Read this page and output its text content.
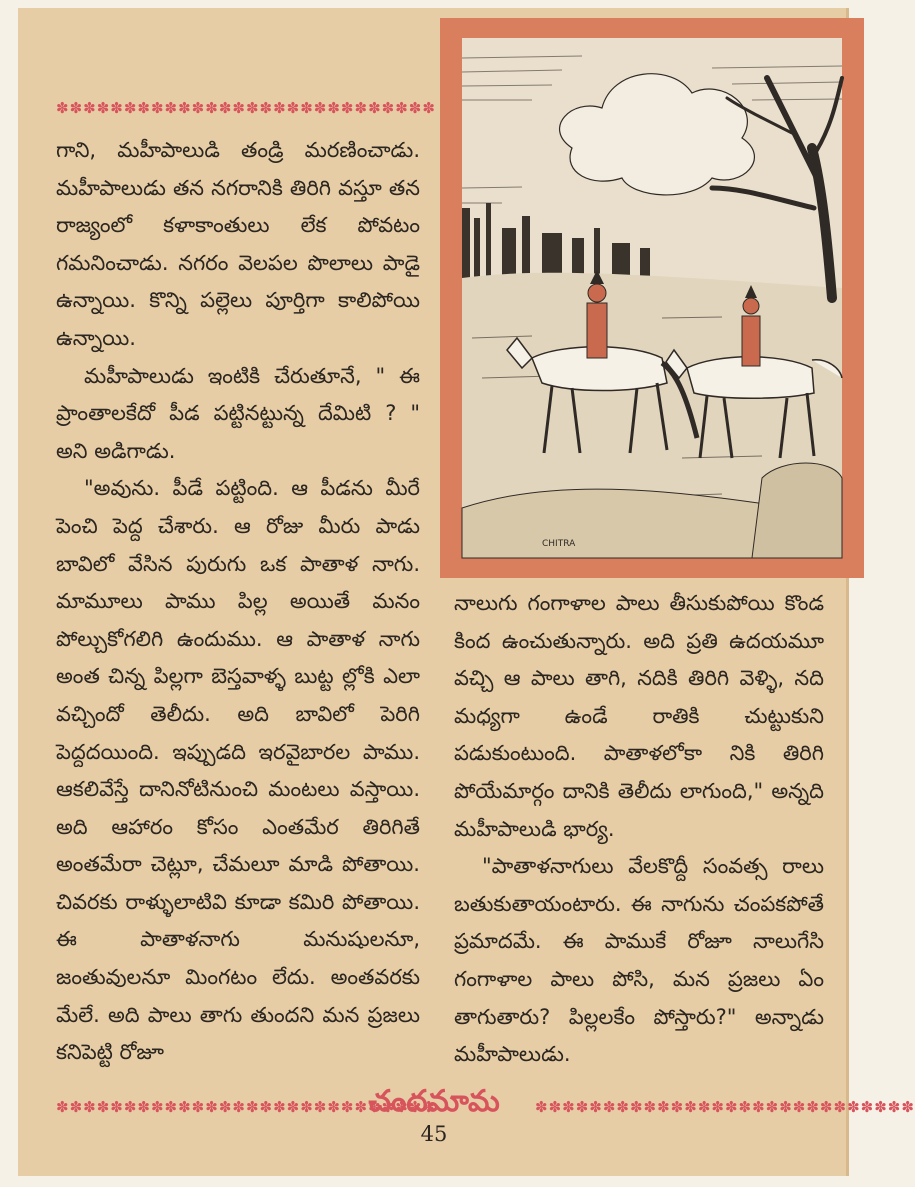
✽✽✽✽✽✽✽✽✽✽✽✽✽✽✽✽✽✽✽✽✽✽✽✽✽✽✽✽
CHITRA

గాని, మహీపాలుడి తండ్రి మరణించాడు. మహీపాలుడు తన నగరానికి తిరిగి వస్తూ తన రాజ్యంలో కళాకాంతులు లేక పోవటం గమనించాడు. నగరం వెలపల పొలాలు పాడై ఉన్నాయి. కొన్ని పల్లెలు పూర్తిగా కాలిపోయి ఉన్నాయి.

మహీపాలుడు ఇంటికి చేరుతూనే, " ఈ ప్రాంతాలకేదో పీడ పట్టినట్టున్న దేమిటి ? " అని అడిగాడు.

"అవును. పీడే పట్టింది. ఆ పీడను మీరే పెంచి పెద్ద చేశారు. ఆ రోజు మీరు పాడు బావిలో వేసిన పురుగు ఒక పాతాళ నాగు. మామూలు పాము పిల్ల అయితే మనం పోల్చుకోగలిగి ఉందుము. ఆ పాతాళ నాగు అంత చిన్న పిల్లగా బెస్తవాళ్ళ బుట్ట ల్లోకి ఎలా వచ్చిందో తెలీదు. అది బావిలో పెరిగి పెద్దదయింది. ఇప్పుడది ఇరవైబారల పాము. ఆకలివేస్తే దానినోటినుంచి మంటలు వస్తాయి. అది ఆహారం కోసం ఎంతమేర తిరిగితే అంతమేరా చెట్లూ, చేమలూ మాడి పోతాయి. చివరకు రాళ్ళులాటివి కూడా కమిరి పోతాయి. ఈ పాతాళనాగు మనుషులనూ, జంతువులనూ మింగటం లేదు. అంతవరకు మేలే. అది పాలు తాగు తుందని మన ప్రజలు కనిపెట్టి రోజూ

నాలుగు గంగాళాల పాలు తీసుకుపోయి కొండ కింద ఉంచుతున్నారు. అది ప్రతి ఉదయమూ వచ్చి ఆ పాలు తాగి, నదికి తిరిగి వెళ్ళి, నది మధ్యగా ఉండే రాతికి చుట్టుకుని పడుకుంటుంది. పాతాళలోకా నికి తిరిగి పోయేమార్గం దానికి తెలీదు లాగుంది," అన్నది మహీపాలుడి భార్య.

"పాతాళనాగులు వేలకొద్దీ సంవత్స రాలు బతుకుతాయంటారు. ఈ నాగును చంపకపోతే ప్రమాదమే. ఈ పాముకే రోజూ నాలుగేసి గంగాళాల పాలు పోసి, మన ప్రజలు ఏం తాగుతారు? పిల్లలకేం పోస్తారు?" అన్నాడు మహీపాలుడు.

✽✽✽✽✽✽✽✽✽✽✽✽✽✽✽✽✽✽✽✽✽✽✽✽✽✽✽✽
చందమామ	✽✽✽✽✽✽✽✽✽✽✽✽✽✽✽✽✽✽✽✽✽✽✽✽✽✽✽✽
45
